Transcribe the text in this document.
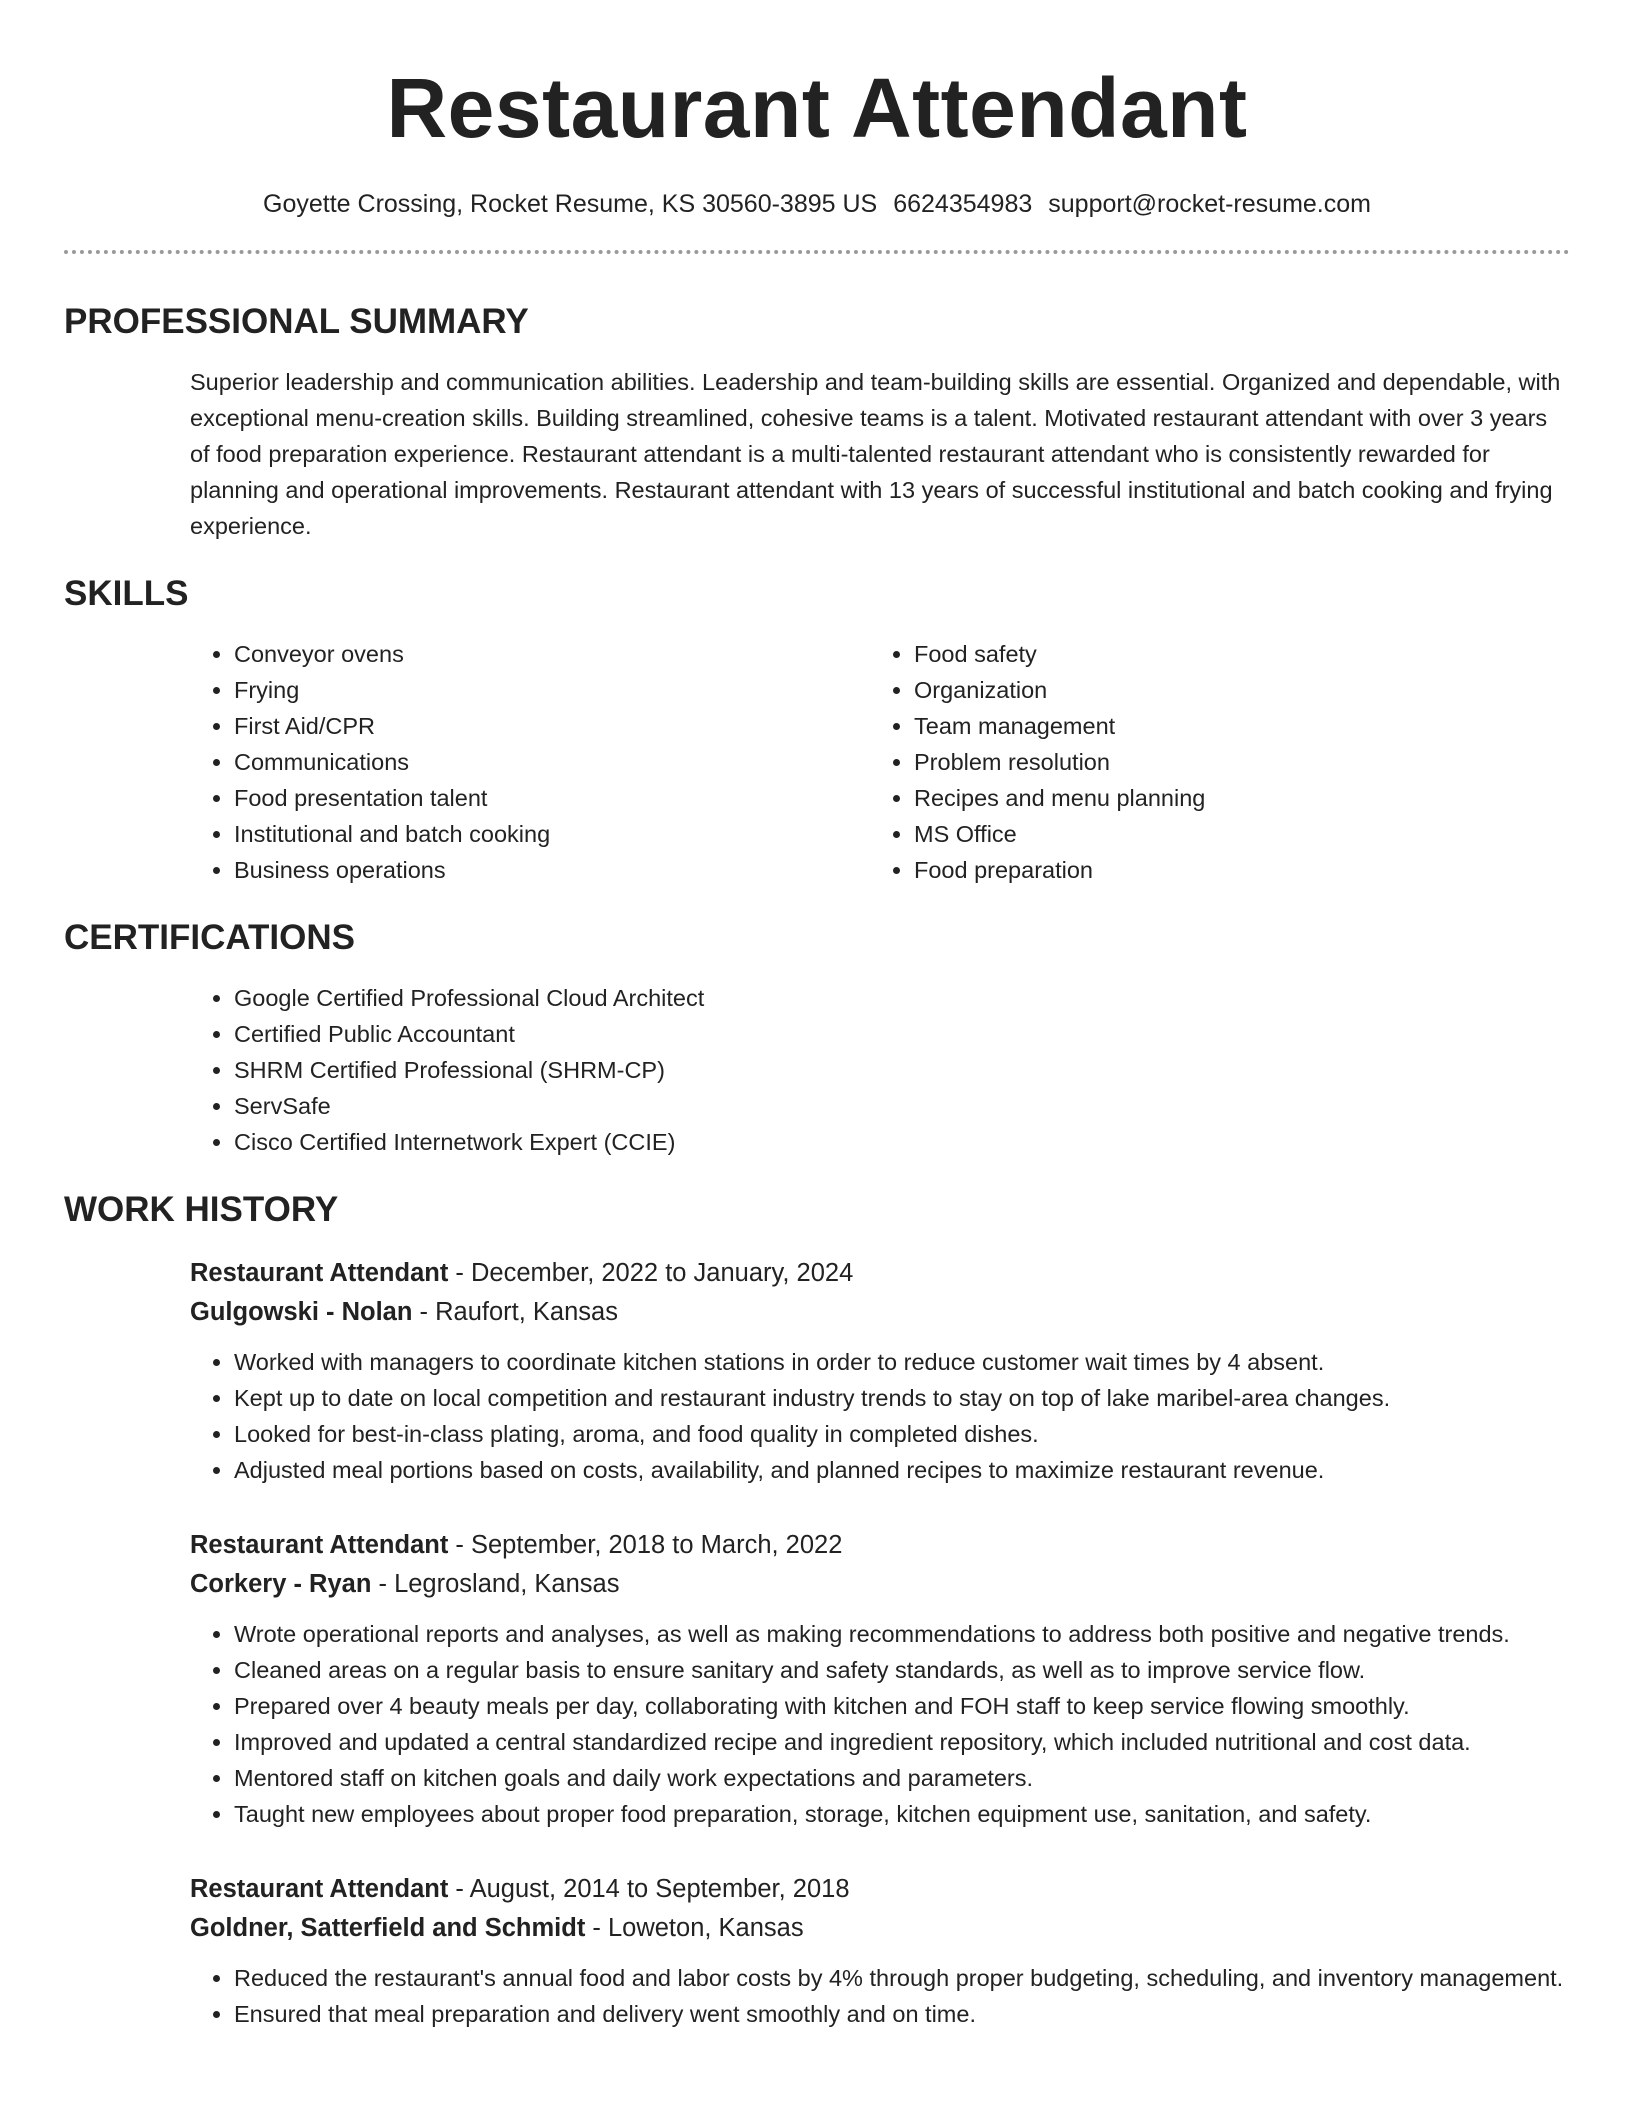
Restaurant Attendant
Goyette Crossing, Rocket Resume, KS 30560-3895 US 6624354983 support@rocket-resume.com
PROFESSIONAL SUMMARY

Superior leadership and communication abilities. Leadership and team-building skills are essential. Organized and dependable, with exceptional menu-creation skills. Building streamlined, cohesive teams is a talent. Motivated restaurant attendant with over 3 years of food preparation experience. Restaurant attendant is a multi-talented restaurant attendant who is consistently rewarded for planning and operational improvements. Restaurant attendant with 13 years of successful institutional and batch cooking and frying experience.

SKILLS
• Conveyor ovens
• Frying
• First Aid/CPR
• Communications
• Food presentation talent
• Institutional and batch cooking
• Business operations
• Food safety
• Organization
• Team management
• Problem resolution
• Recipes and menu planning
• MS Office
• Food preparation
CERTIFICATIONS
• Google Certified Professional Cloud Architect
• Certified Public Accountant
• SHRM Certified Professional (SHRM-CP)
• ServSafe
• Cisco Certified Internetwork Expert (CCIE)
WORK HISTORY
Restaurant Attendant - December, 2022 to January, 2024
Gulgowski - Nolan - Raufort, Kansas
• Worked with managers to coordinate kitchen stations in order to reduce customer wait times by 4 absent.
• Kept up to date on local competition and restaurant industry trends to stay on top of lake maribel-area changes.
• Looked for best-in-class plating, aroma, and food quality in completed dishes.
• Adjusted meal portions based on costs, availability, and planned recipes to maximize restaurant revenue.
Restaurant Attendant - September, 2018 to March, 2022
Corkery - Ryan - Legrosland, Kansas
• Wrote operational reports and analyses, as well as making recommendations to address both positive and negative trends.
• Cleaned areas on a regular basis to ensure sanitary and safety standards, as well as to improve service flow.
• Prepared over 4 beauty meals per day, collaborating with kitchen and FOH staff to keep service flowing smoothly.
• Improved and updated a central standardized recipe and ingredient repository, which included nutritional and cost data.
• Mentored staff on kitchen goals and daily work expectations and parameters.
• Taught new employees about proper food preparation, storage, kitchen equipment use, sanitation, and safety.
Restaurant Attendant - August, 2014 to September, 2018
Goldner, Satterfield and Schmidt - Loweton, Kansas
• Reduced the restaurant's annual food and labor costs by 4% through proper budgeting, scheduling, and inventory management.
• Ensured that meal preparation and delivery went smoothly and on time.
